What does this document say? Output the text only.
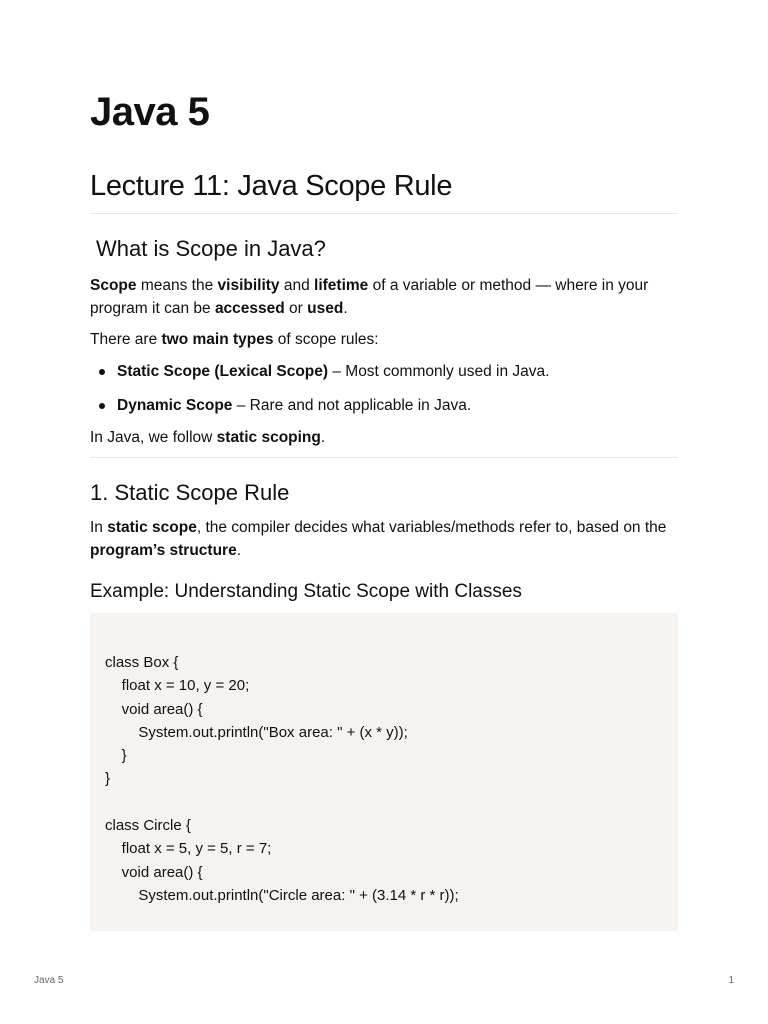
Java 5
Lecture 11: Java Scope Rule
What is Scope in Java?

Scope means the visibility and lifetime of a variable or method — where in your program it can be accessed or used.

There are two main types of scope rules:

Static Scope (Lexical Scope) – Most commonly used in Java.
Dynamic Scope – Rare and not applicable in Java.

In Java, we follow static scoping.

1. Static Scope Rule

In static scope, the compiler decides what variables/methods refer to, based on the program’s structure.

Example: Understanding Static Scope with Classes
class Box {
float x = 10, y = 20;
void area() {
System.out.println("Box area: " + (x * y));
}
}
class Circle {
float x = 5, y = 5, r = 7;
void area() {
System.out.println("Circle area: " + (3.14 * r * r));
Java 5	1
